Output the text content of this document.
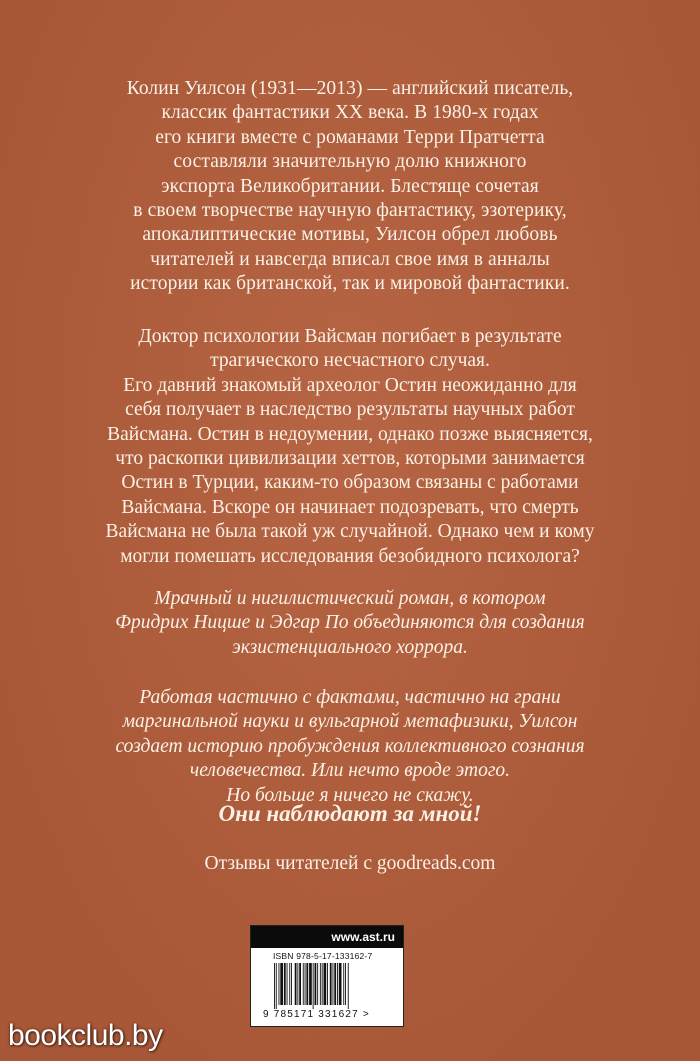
Колин Уилсон (1931—2013) — английский писатель,
классик фантастики XX века. В 1980-х годах
его книги вместе с романами Терри Пратчетта
составляли значительную долю книжного
экспорта Великобритании. Блестяще сочетая
в своем творчестве научную фантастику, эзотерику,
апокалиптические мотивы, Уилсон обрел любовь
читателей и навсегда вписал свое имя в анналы
истории как британской, так и мировой фантастики.
Доктор психологии Вайсман погибает в результате
трагического несчастного случая.
Его давний знакомый археолог Остин неожиданно для
себя получает в наследство результаты научных работ
Вайсмана. Остин в недоумении, однако позже выясняется,
что раскопки цивилизации хеттов, которыми занимается
Остин в Турции, каким-то образом связаны с работами
Вайсмана. Вскоре он начинает подозревать, что смерть
Вайсмана не была такой уж случайной. Однако чем и кому
могли помешать исследования безобидного психолога?
Мрачный и нигилистический роман, в котором
Фридрих Ницше и Эдгар По объединяются для создания
экзистенциального хоррора.
Работая частично с фактами, частично на грани
маргинальной науки и вульгарной метафизики, Уилсон
создает историю пробуждения коллективного сознания
человечества. Или нечто вроде этого.
Но больше я ничего не скажу.
Они наблюдают за мной!
Отзывы читателей с goodreads.com
www.ast.ru
ISBN 978-5-17-133162-7
9 785171 331627 >
bookclub.by
